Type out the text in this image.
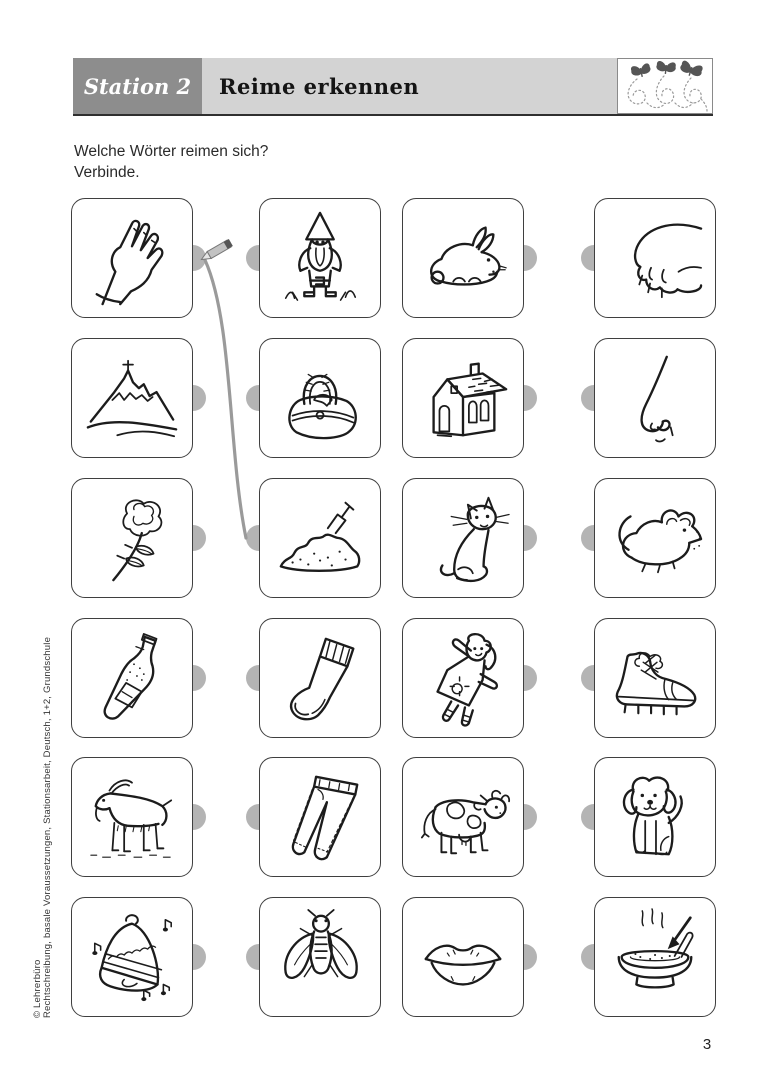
Station 2 Reime erkennen
Welche Wörter reimen sich?
Verbinde.
Rechtschreibung, basale Voraussetzungen, Stationsarbeit, Deutsch, 1+2, Grundschule
© Lehrerbüro
3
